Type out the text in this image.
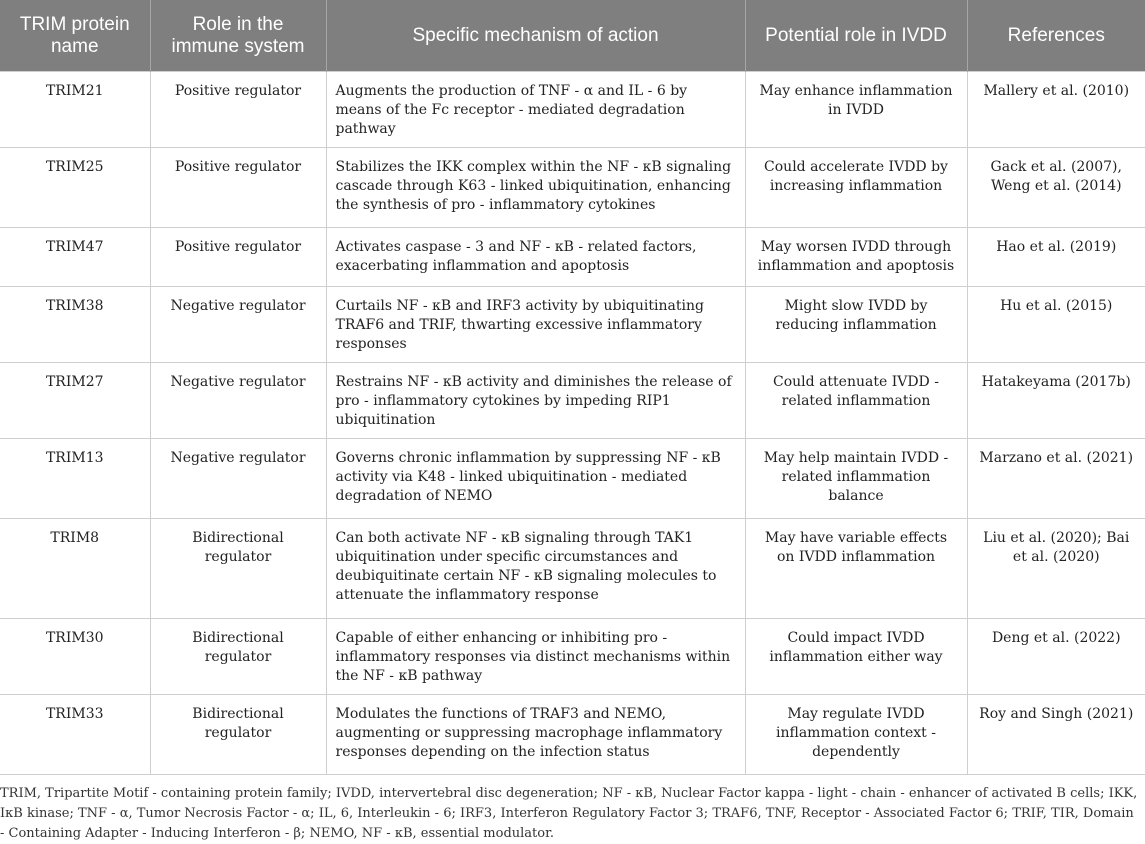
TRIM protein name	Role in the immune system	Specific mechanism of action	Potential role in IVDD	References
TRIM21	Positive regulator	Augments the production of TNF - α and IL - 6 by means of the Fc receptor - mediated degradation pathway	May enhance inflammation in IVDD	Mallery et al. (2010)
TRIM25	Positive regulator	Stabilizes the IKK complex within the NF - κB signaling cascade through K63 - linked ubiquitination, enhancing the synthesis of pro - inflammatory cytokines	Could accelerate IVDD by increasing inflammation	Gack et al. (2007), Weng et al. (2014)
TRIM47	Positive regulator	Activates caspase - 3 and NF - κB - related factors, exacerbating inflammation and apoptosis	May worsen IVDD through inflammation and apoptosis	Hao et al. (2019)
TRIM38	Negative regulator	Curtails NF - κB and IRF3 activity by ubiquitinating TRAF6 and TRIF, thwarting excessive inflammatory responses	Might slow IVDD by reducing inflammation	Hu et al. (2015)
TRIM27	Negative regulator	Restrains NF - κB activity and diminishes the release of pro - inflammatory cytokines by impeding RIP1 ubiquitination	Could attenuate IVDD - related inflammation	Hatakeyama (2017b)
TRIM13	Negative regulator	Governs chronic inflammation by suppressing NF - κB activity via K48 - linked ubiquitination - mediated degradation of NEMO	May help maintain IVDD - related inflammation balance	Marzano et al. (2021)
TRIM8	Bidirectional regulator	Can both activate NF - κB signaling through TAK1 ubiquitination under specific circumstances and deubiquitinate certain NF - κB signaling molecules to attenuate the inflammatory response	May have variable effects on IVDD inflammation	Liu et al. (2020); Bai et al. (2020)
TRIM30	Bidirectional regulator	Capable of either enhancing or inhibiting pro - inflammatory responses via distinct mechanisms within the NF - κB pathway	Could impact IVDD inflammation either way	Deng et al. (2022)
TRIM33	Bidirectional regulator	Modulates the functions of TRAF3 and NEMO, augmenting or suppressing macrophage inflammatory responses depending on the infection status	May regulate IVDD inflammation context - dependently	Roy and Singh (2021)

TRIM, Tripartite Motif - containing protein family; IVDD, intervertebral disc degeneration; NF - κB, Nuclear Factor kappa - light - chain - enhancer of activated B cells; IKK, IκB kinase; TNF - α, Tumor Necrosis Factor - α; IL, 6, Interleukin - 6; IRF3, Interferon Regulatory Factor 3; TRAF6, TNF, Receptor - Associated Factor 6; TRIF, TIR, Domain - Containing Adapter - Inducing Interferon - β; NEMO, NF - κB, essential modulator.
